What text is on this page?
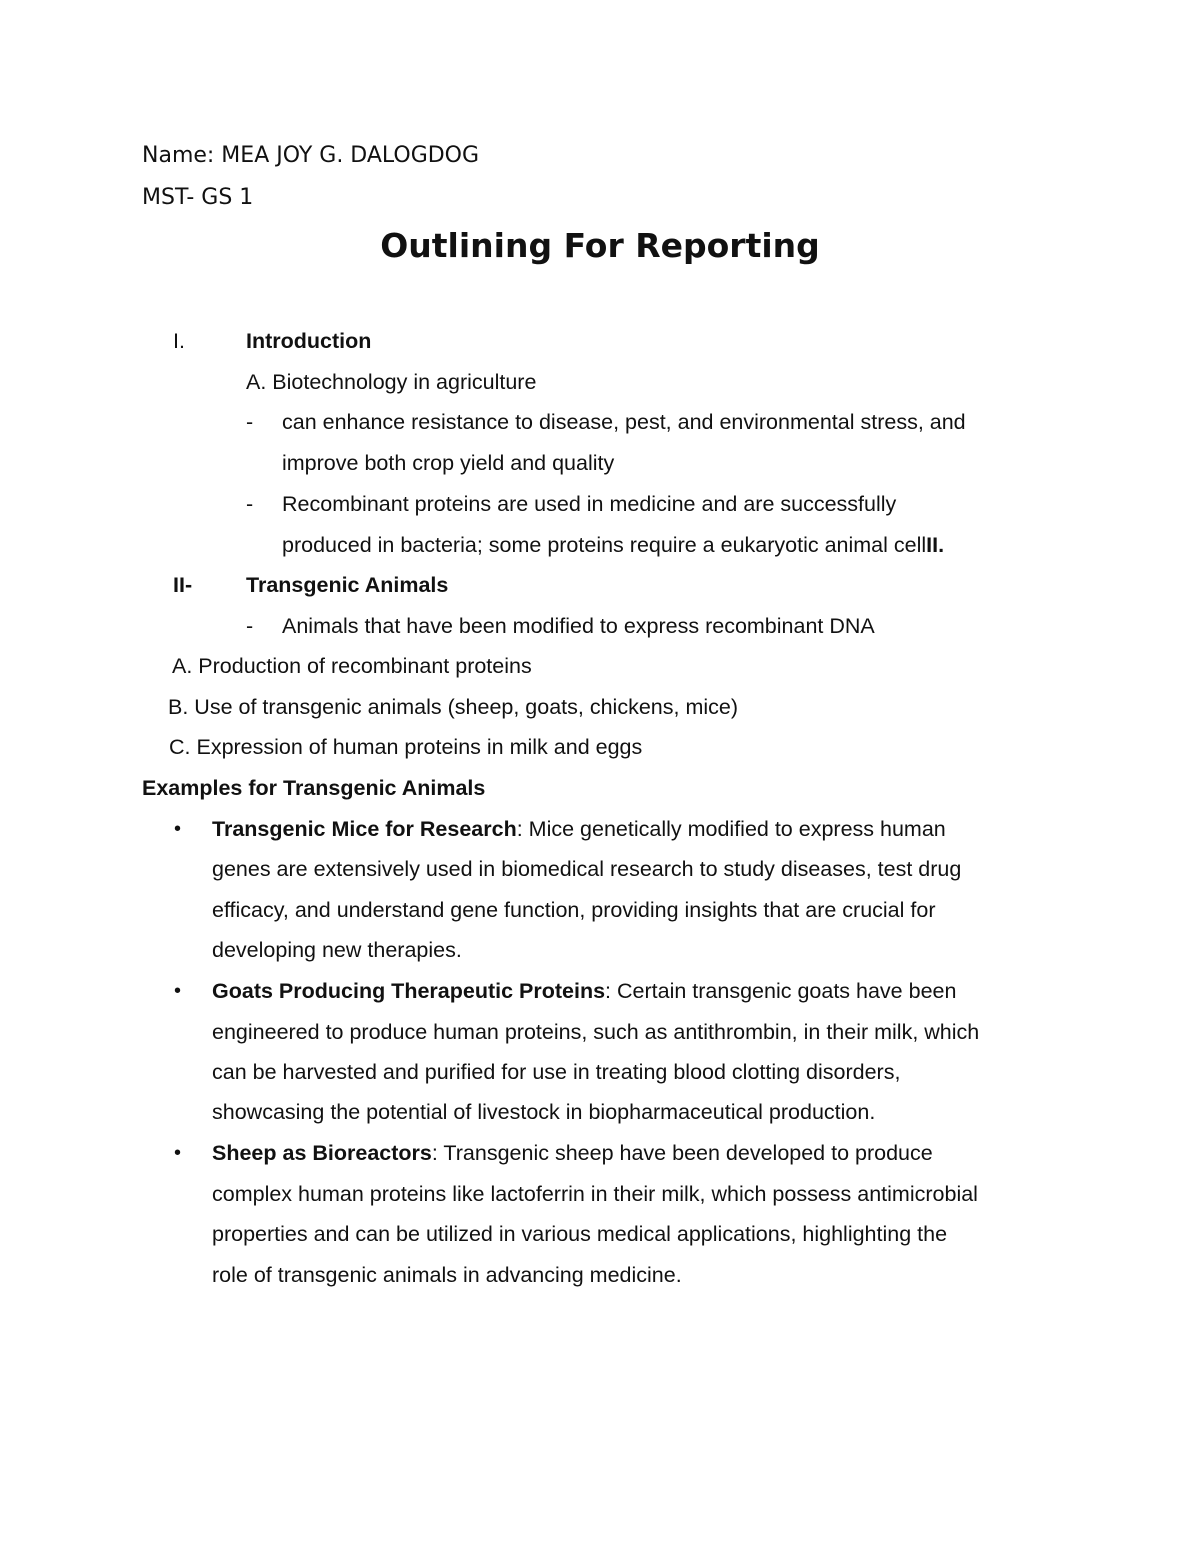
Name: MEA JOY G. DALOGDOG
MST- GS 1
Outlining For Reporting
I.	Introduction
A. Biotechnology in agriculture
- can enhance resistance to disease, pest, and environmental stress, and
improve both crop yield and quality
- Recombinant proteins are used in medicine and are successfully
produced in bacteria; some proteins require a eukaryotic animal cellII.
II-	Transgenic Animals
- Animals that have been modified to express recombinant DNA
A. Production of recombinant proteins
B. Use of transgenic animals (sheep, goats, chickens, mice)
C. Expression of human proteins in milk and eggs
Examples for Transgenic Animals
• Transgenic Mice for Research: Mice genetically modified to express human
genes are extensively used in biomedical research to study diseases, test drug
efficacy, and understand gene function, providing insights that are crucial for
developing new therapies.
• Goats Producing Therapeutic Proteins: Certain transgenic goats have been
engineered to produce human proteins, such as antithrombin, in their milk, which
can be harvested and purified for use in treating blood clotting disorders,
showcasing the potential of livestock in biopharmaceutical production.
• Sheep as Bioreactors: Transgenic sheep have been developed to produce
complex human proteins like lactoferrin in their milk, which possess antimicrobial
properties and can be utilized in various medical applications, highlighting the
role of transgenic animals in advancing medicine.
